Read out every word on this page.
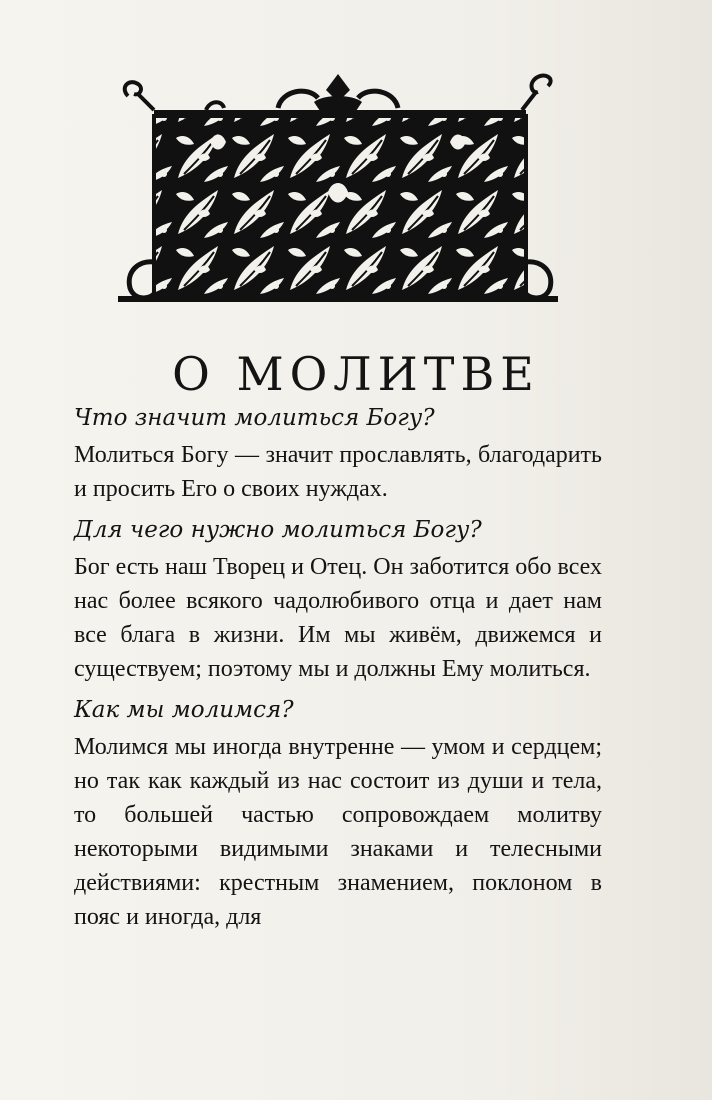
О МОЛИТВЕ

Что значит молиться Богу?

Молиться Богу — значит прославлять, благодарить и просить Его о своих нуждах.

Для чего нужно молиться Богу?

Бог есть наш Творец и Отец. Он заботится обо всех нас более всякого чадолюбивого отца и дает нам все блага в жизни. Им мы живём, движемся и существуем; поэтому мы и должны Ему молиться.

Как мы молимся?

Молимся мы иногда внутренне — умом и сердцем; но так как каждый из нас состоит из души и тела, то большей частью сопровождаем молитву некоторыми видимыми знаками и телесными действиями: крестным знамением, поклоном в пояс и иногда, для
